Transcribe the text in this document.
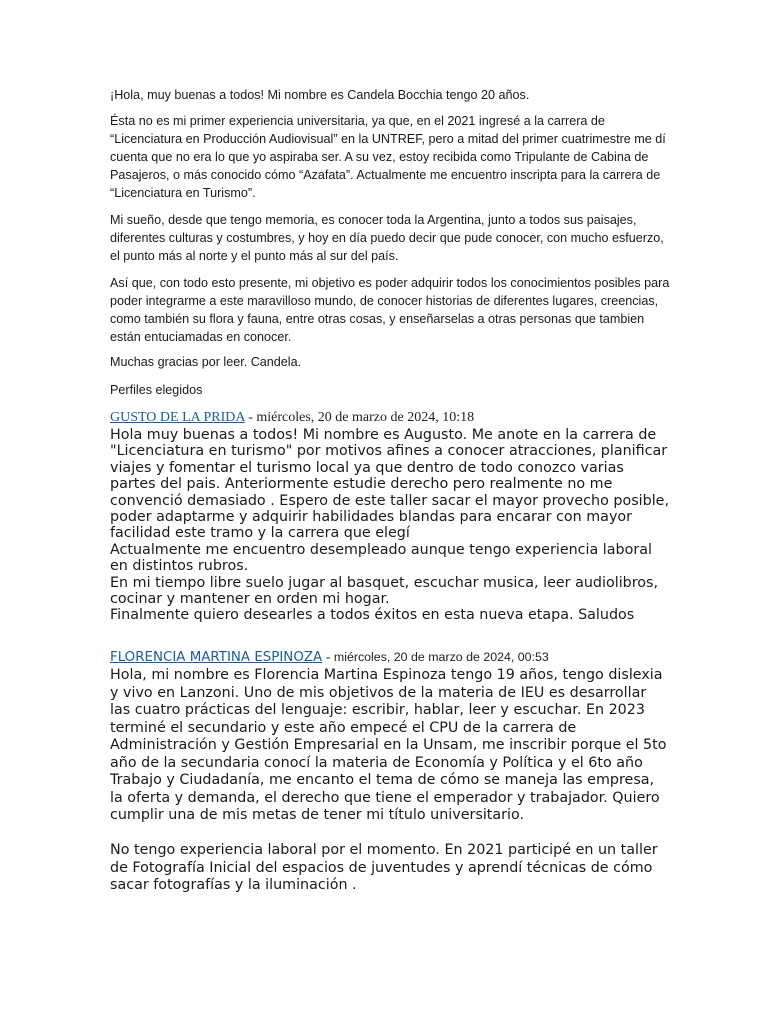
¡Hola, muy buenas a todos! Mi nombre es Candela Bocchia tengo 20 años.

Ésta no es mi primer experiencia universitaria, ya que, en el 2021 ingresé a la carrera de “Licenciatura en Producción Audiovisual” en la UNTREF, pero a mitad del primer cuatrimestre me dí cuenta que no era lo que yo aspiraba ser. A su vez, estoy recibida como Tripulante de Cabina de Pasajeros, o más conocido cómo “Azafata”. Actualmente me encuentro inscripta para la carrera de “Licenciatura en Turismo”.

Mi sueño, desde que tengo memoria, es conocer toda la Argentina, junto a todos sus paisajes, diferentes culturas y costumbres, y hoy en día puedo decir que pude conocer, con mucho esfuerzo, el punto más al norte y el punto más al sur del país.

Así que, con todo esto presente, mi objetivo es poder adquirir todos los conocimientos posibles para poder integrarme a este maravilloso mundo, de conocer historias de diferentes lugares, creencias, como también su flora y fauna, entre otras cosas, y enseñarselas a otras personas que tambien están entuciamadas en conocer.

Muchas gracias por leer. Candela.

Perfiles elegidos

GUSTO DE LA PRIDA - miércoles, 20 de marzo de 2024, 10:18

Hola muy buenas a todos! Mi nombre es Augusto. Me anote en la carrera de "Licenciatura en turismo" por motivos afines a conocer atracciones, planificar viajes y fomentar el turismo local ya que dentro de todo conozco varias partes del pais. Anteriormente estudie derecho pero realmente no me convenció demasiado . Espero de este taller sacar el mayor provecho posible, poder adaptarme y adquirir habilidades blandas para encarar con mayor facilidad este tramo y la carrera que elegí

Actualmente me encuentro desempleado aunque tengo experiencia laboral en distintos rubros.

En mi tiempo libre suelo jugar al basquet, escuchar musica, leer audiolibros, cocinar y mantener en orden mi hogar.

Finalmente quiero desearles a todos éxitos en esta nueva etapa. Saludos

FLORENCIA MARTINA ESPINOZA - miércoles, 20 de marzo de 2024, 00:53

Hola, mi nombre es Florencia Martina Espinoza tengo 19 años, tengo dislexia y vivo en Lanzoni. Uno de mis objetivos de la materia de IEU es desarrollar las cuatro prácticas del lenguaje: escribir, hablar, leer y escuchar. En 2023 terminé el secundario y este año empecé el CPU de la carrera de Administración y Gestión Empresarial en la Unsam, me inscribir porque el 5to año de la secundaria conocí la materia de Economía y Política y el 6to año Trabajo y Ciudadanía, me encanto el tema de cómo se maneja las empresa, la oferta y demanda, el derecho que tiene el emperador y trabajador. Quiero cumplir una de mis metas de tener mi título universitario.

No tengo experiencia laboral por el momento. En 2021 participé en un taller de Fotografía Inicial del espacios de juventudes y aprendí técnicas de cómo sacar fotografías y la iluminación .
